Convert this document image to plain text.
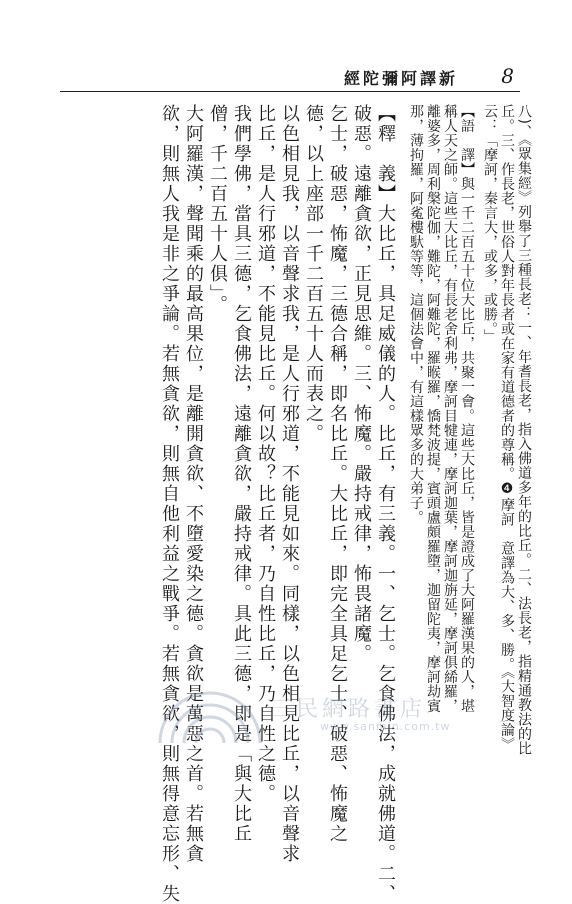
經陀彌阿譯新 8
八)、《眾集經》列舉了三種長老：一、年耆長老，指入佛道多年的比丘。二、法長老，指精通教法的比
丘。三、作長老，世俗人對年長者或在家有道德者的尊稱。❹摩訶　意譯為大、多、勝。《大智度論》
云：「摩訶，秦言大，或多，或勝。」
【語　譯】與一千二百五十位大比丘，共聚一會。這些大比丘，皆是證成了大阿羅漢果的人，堪
稱人天之師。這些大比丘，有長老舍利弗，摩訶目犍連，摩訶迦葉，摩訶迦旃延，摩訶俱絺羅，
離婆多，周利槃陀伽，難陀，阿難陀，羅睺羅，憍梵波提，賓頭盧頗羅墮，迦留陀夷，摩訶劫賓
那，薄拘羅，阿㝹樓馱等等，這個法會中，有這樣眾多的大弟子。
【釋　義】大比丘，具足威儀的人。比丘，有三義。一、乞士。乞食佛法，成就佛道。二、
破惡。遠離貪欲，正見思維。三、怖魔。嚴持戒律，怖畏諸魔。
乞士，破惡，怖魔，三德合稱，即名比丘。大比丘，即完全具足乞士、破惡、怖魔之
德，以上座部一千二百五十人而表之。
以色相見我，以音聲求我，是人行邪道，不能見如來。同樣，以色相見比丘，以音聲求
比丘，是人行邪道，不能見比丘。何以故？比丘者，乃自性比丘，乃自性之德。
我們學佛，當具三德，乞食佛法，遠離貪欲，嚴持戒律。具此三德，即是「與大比丘
僧，千二百五十人俱」。
大阿羅漢，聲聞乘的最高果位，是離開貪欲、不墮愛染之德。貪欲是萬惡之首。若無貪
欲，則無人我是非之爭論。若無貪欲，則無自他利益之戰爭。若無貪欲，則無得意忘形、失	三民網路書店
www.sanmin.com.tw
